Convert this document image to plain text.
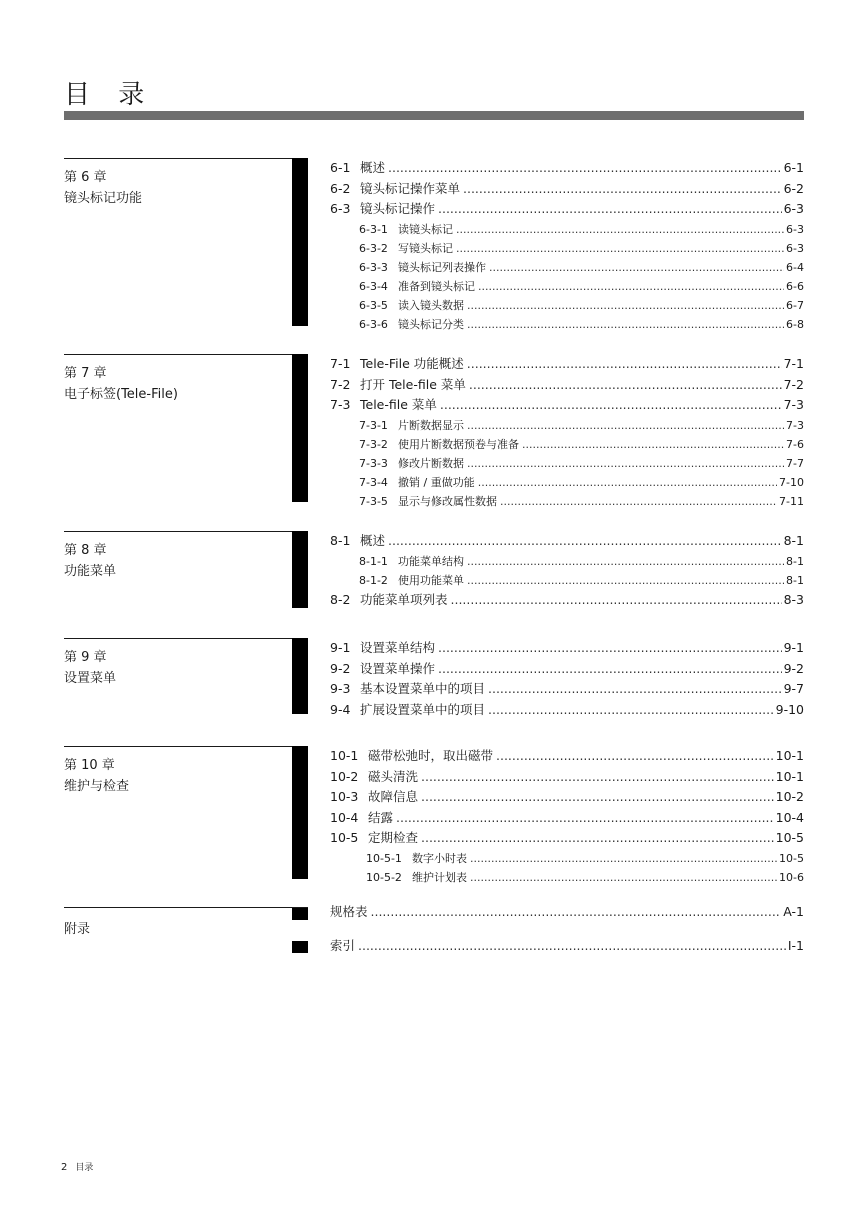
目 录
第 6 章
镜头标记功能
6-1 概述 .....	6-1
6-2 镜头标记操作菜单 .....	6-2
6-3 镜头标记操作 .....	6-3
6-3-1 读镜头标记 .....	6-3
6-3-2 写镜头标记 .....	6-3
6-3-3 镜头标记列表操作 .....	6-4
6-3-4 准备到镜头标记 .....	6-6
6-3-5 读入镜头数据 .....	6-7
6-3-6 镜头标记分类 .....	6-8
第 7 章
电子标签(Tele-File)
7-1 Tele-File 功能概述 .....	7-1
7-2 打开 Tele-file 菜单 .....	7-2
7-3 Tele-file 菜单 .....	7-3
7-3-1 片断数据显示 .....	7-3
7-3-2 使用片断数据预卷与准备 .....	7-6
7-3-3 修改片断数据 .....	7-7
7-3-4 撤销 / 重做功能 .....	7-10
7-3-5 显示与修改属性数据 .....	7-11
第 8 章
功能菜单
8-1 概述 .....	8-1
8-1-1 功能菜单结构 .....	8-1
8-1-2 使用功能菜单 .....	8-1
8-2 功能菜单项列表 .....	8-3
第 9 章
设置菜单
9-1 设置菜单结构 .....	9-1
9-2 设置菜单操作 .....	9-2
9-3 基本设置菜单中的项目 .....	9-7
9-4 扩展设置菜单中的项目 .....	9-10
第 10 章
维护与检查
10-1 磁带松弛时，取出磁带 .....	10-1
10-2 磁头清洗 .....	10-1
10-3 故障信息 .....	10-2
10-4 结露 .....	10-4
10-5 定期检查 .....	10-5
10-5-1 数字小时表 .....	10-5
10-5-2 维护计划表 .....	10-6
附录
规格表 .....	A-1
索引 .....	I-1
2 目录
